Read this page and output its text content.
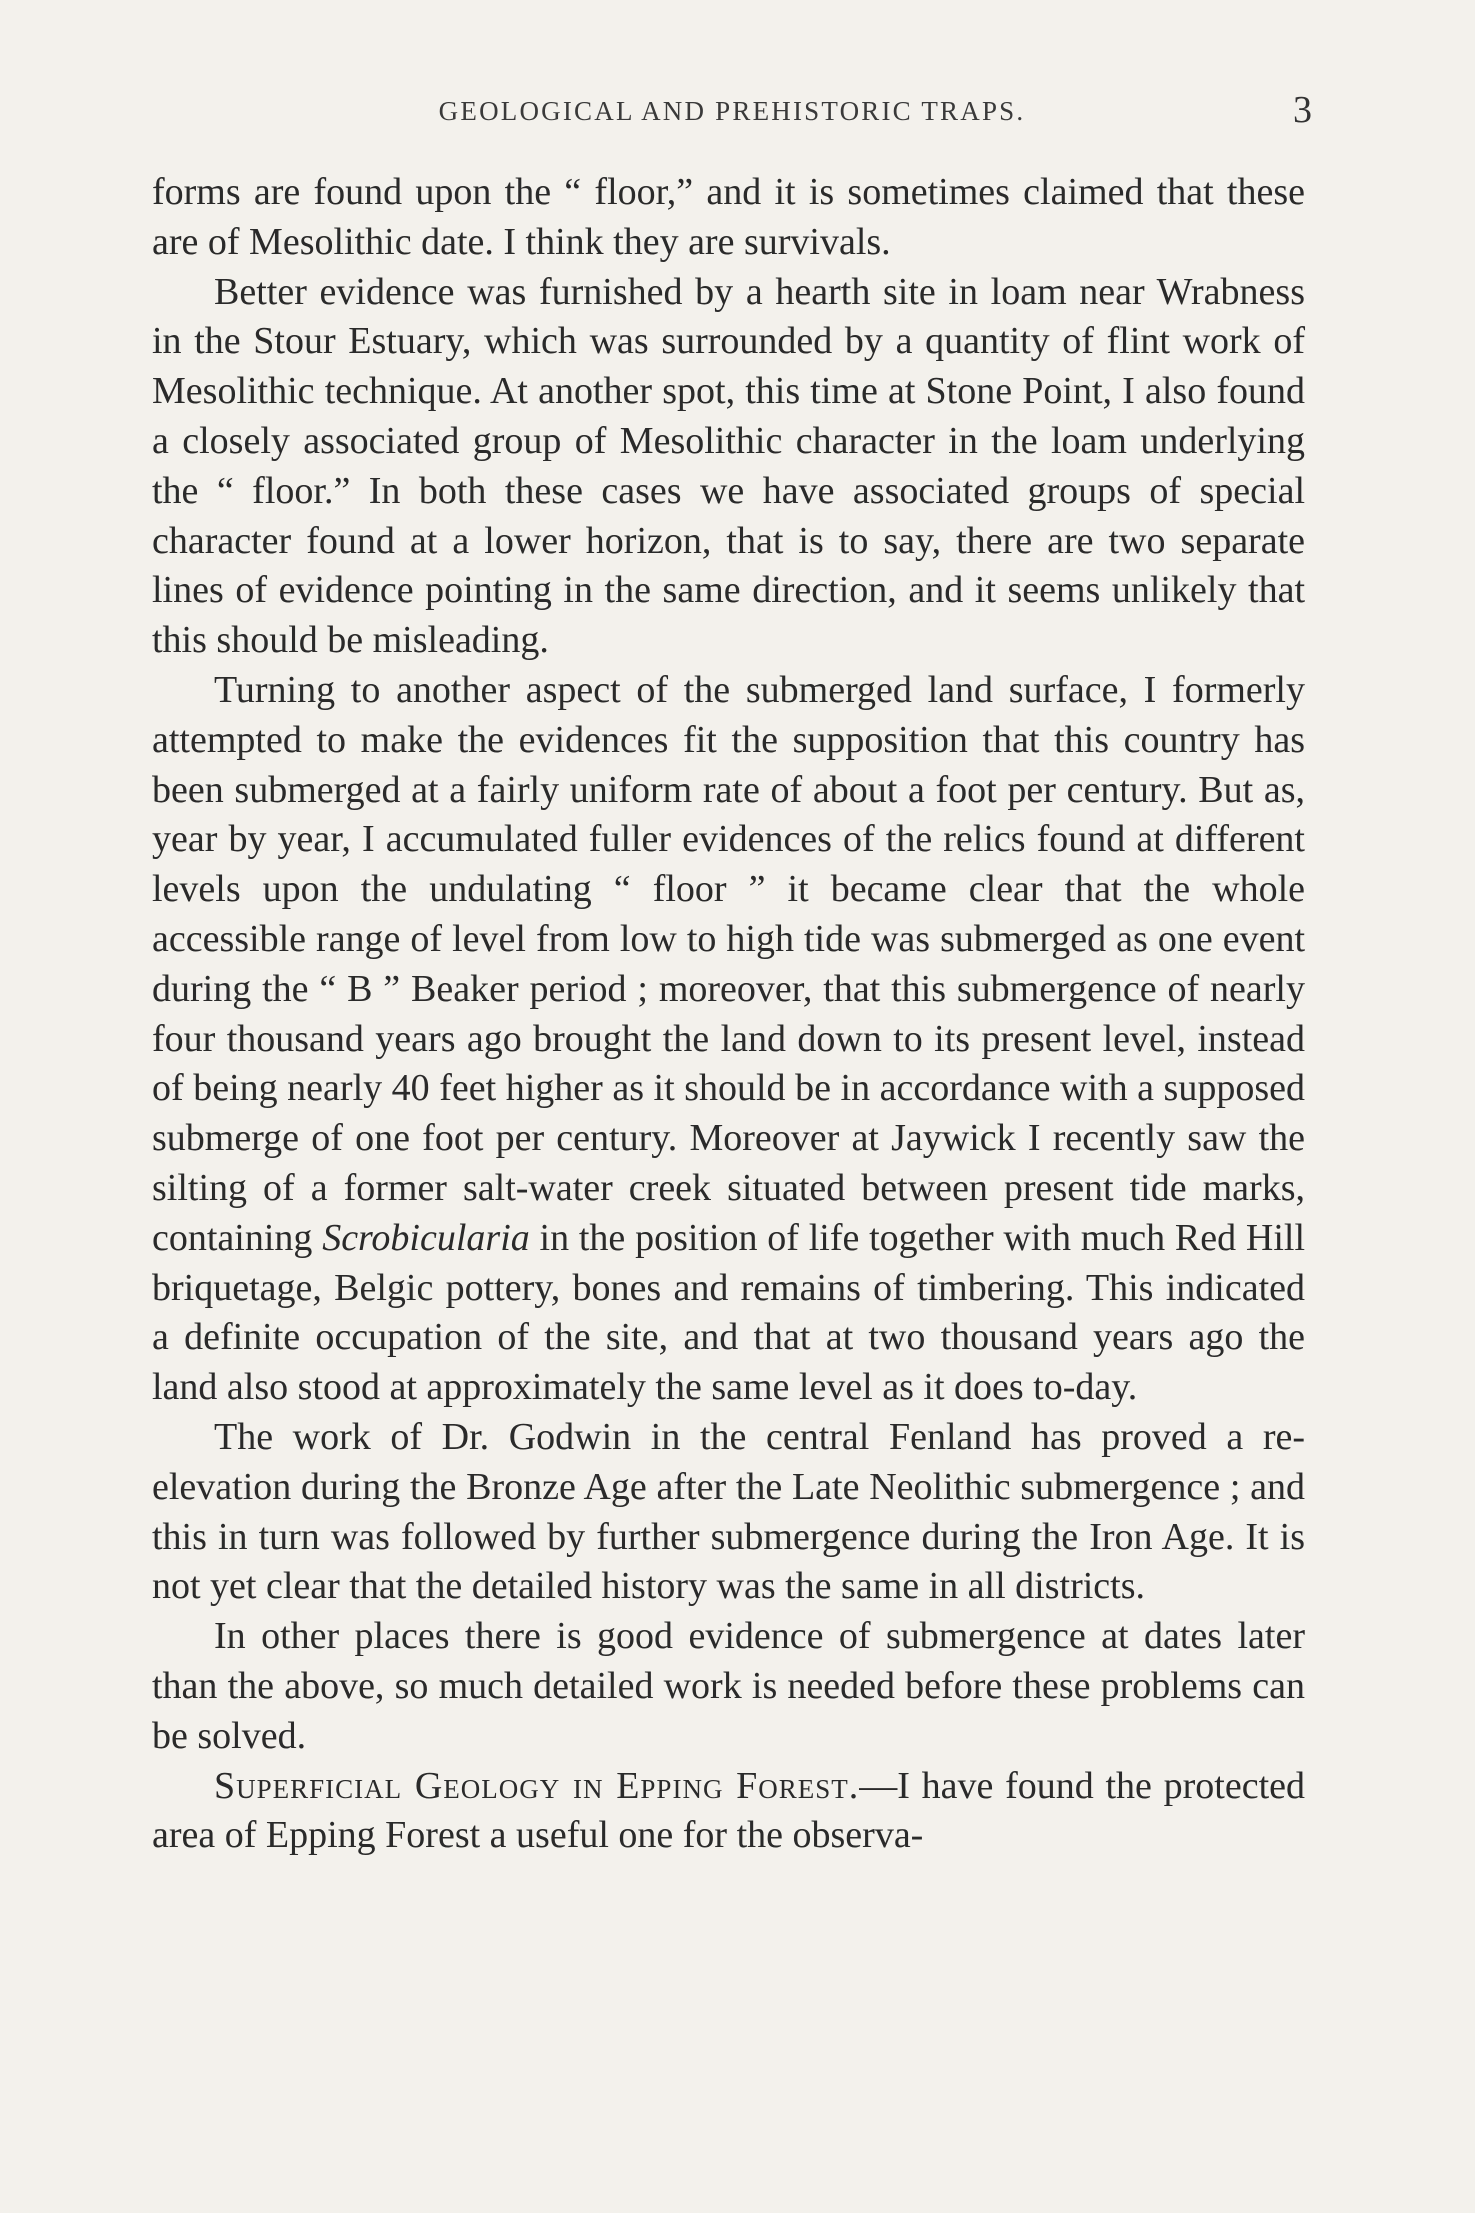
GEOLOGICAL AND PREHISTORIC TRAPS.	3

forms are found upon the “ floor,” and it is sometimes claimed that these are of Mesolithic date. I think they are survivals.

Better evidence was furnished by a hearth site in loam near Wrabness in the Stour Estuary, which was surrounded by a quantity of flint work of Mesolithic technique. At another spot, this time at Stone Point, I also found a closely associated group of Mesolithic character in the loam underlying the “ floor.” In both these cases we have associated groups of special character found at a lower horizon, that is to say, there are two separate lines of evidence pointing in the same direction, and it seems unlikely that this should be misleading.

Turning to another aspect of the submerged land surface, I formerly attempted to make the evidences fit the supposition that this country has been submerged at a fairly uniform rate of about a foot per century. But as, year by year, I accumulated fuller evidences of the relics found at different levels upon the undulating “ floor ” it became clear that the whole accessible range of level from low to high tide was submerged as one event during the “ B ” Beaker period ; moreover, that this submergence of nearly four thousand years ago brought the land down to its present level, instead of being nearly 40 feet higher as it should be in accordance with a supposed submerge of one foot per century. Moreover at Jaywick I recently saw the silting of a former salt-water creek situated between present tide marks, containing Scrobicularia in the position of life together with much Red Hill briquetage, Belgic pottery, bones and remains of timbering. This indicated a definite occupation of the site, and that at two thousand years ago the land also stood at approximately the same level as it does to-day.

The work of Dr. Godwin in the central Fenland has proved a re-elevation during the Bronze Age after the Late Neolithic submergence ; and this in turn was followed by further submergence during the Iron Age. It is not yet clear that the detailed history was the same in all districts.

In other places there is good evidence of submergence at dates later than the above, so much detailed work is needed before these problems can be solved.

Superficial Geology in Epping Forest.—I have found the protected area of Epping Forest a useful one for the observa-
